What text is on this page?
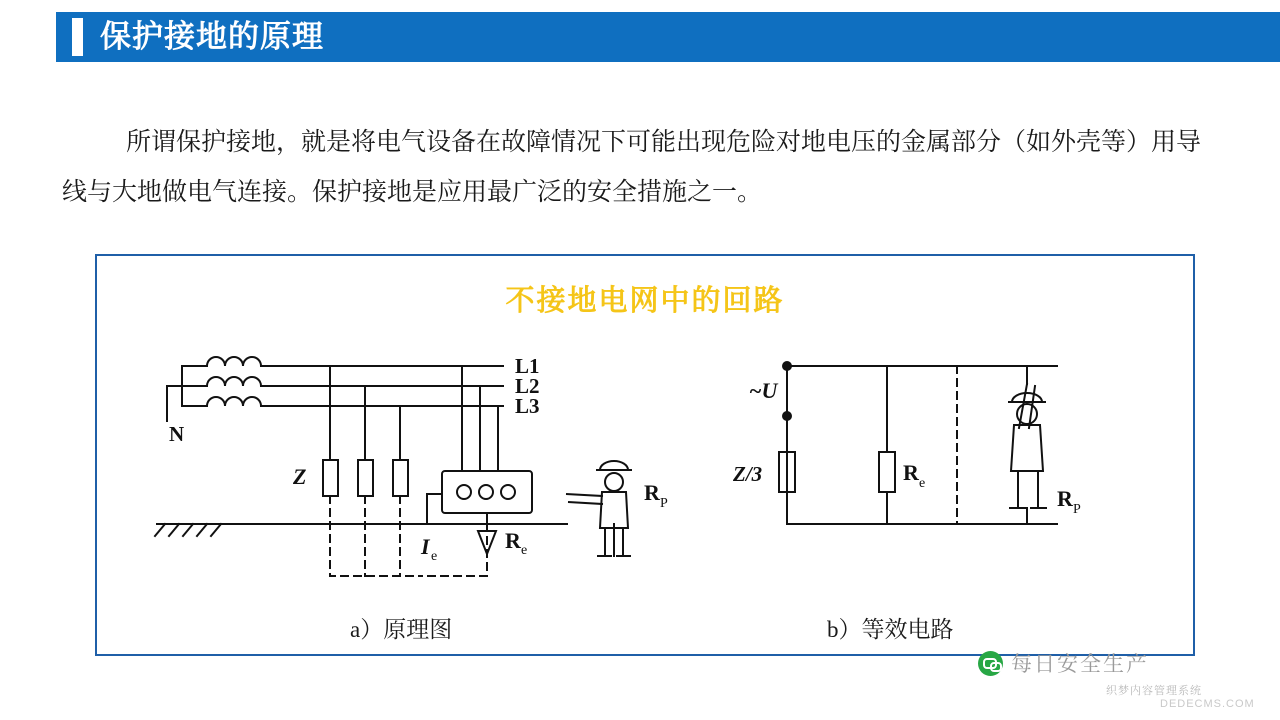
保护接地的原理
所谓保护接地，就是将电气设备在故障情况下可能出现危险对地电压的金属部分（如外壳等）用导线与大地做电气连接。保护接地是应用最广泛的安全措施之一。
不接地电网中的回路
L1
L2
L3
N
Z
I e
R e
R P
~U
Z/3	R e
R P
a）原理图	b）等效电路
每日安全生产
织梦内容管理系统
DEDECMS.COM
